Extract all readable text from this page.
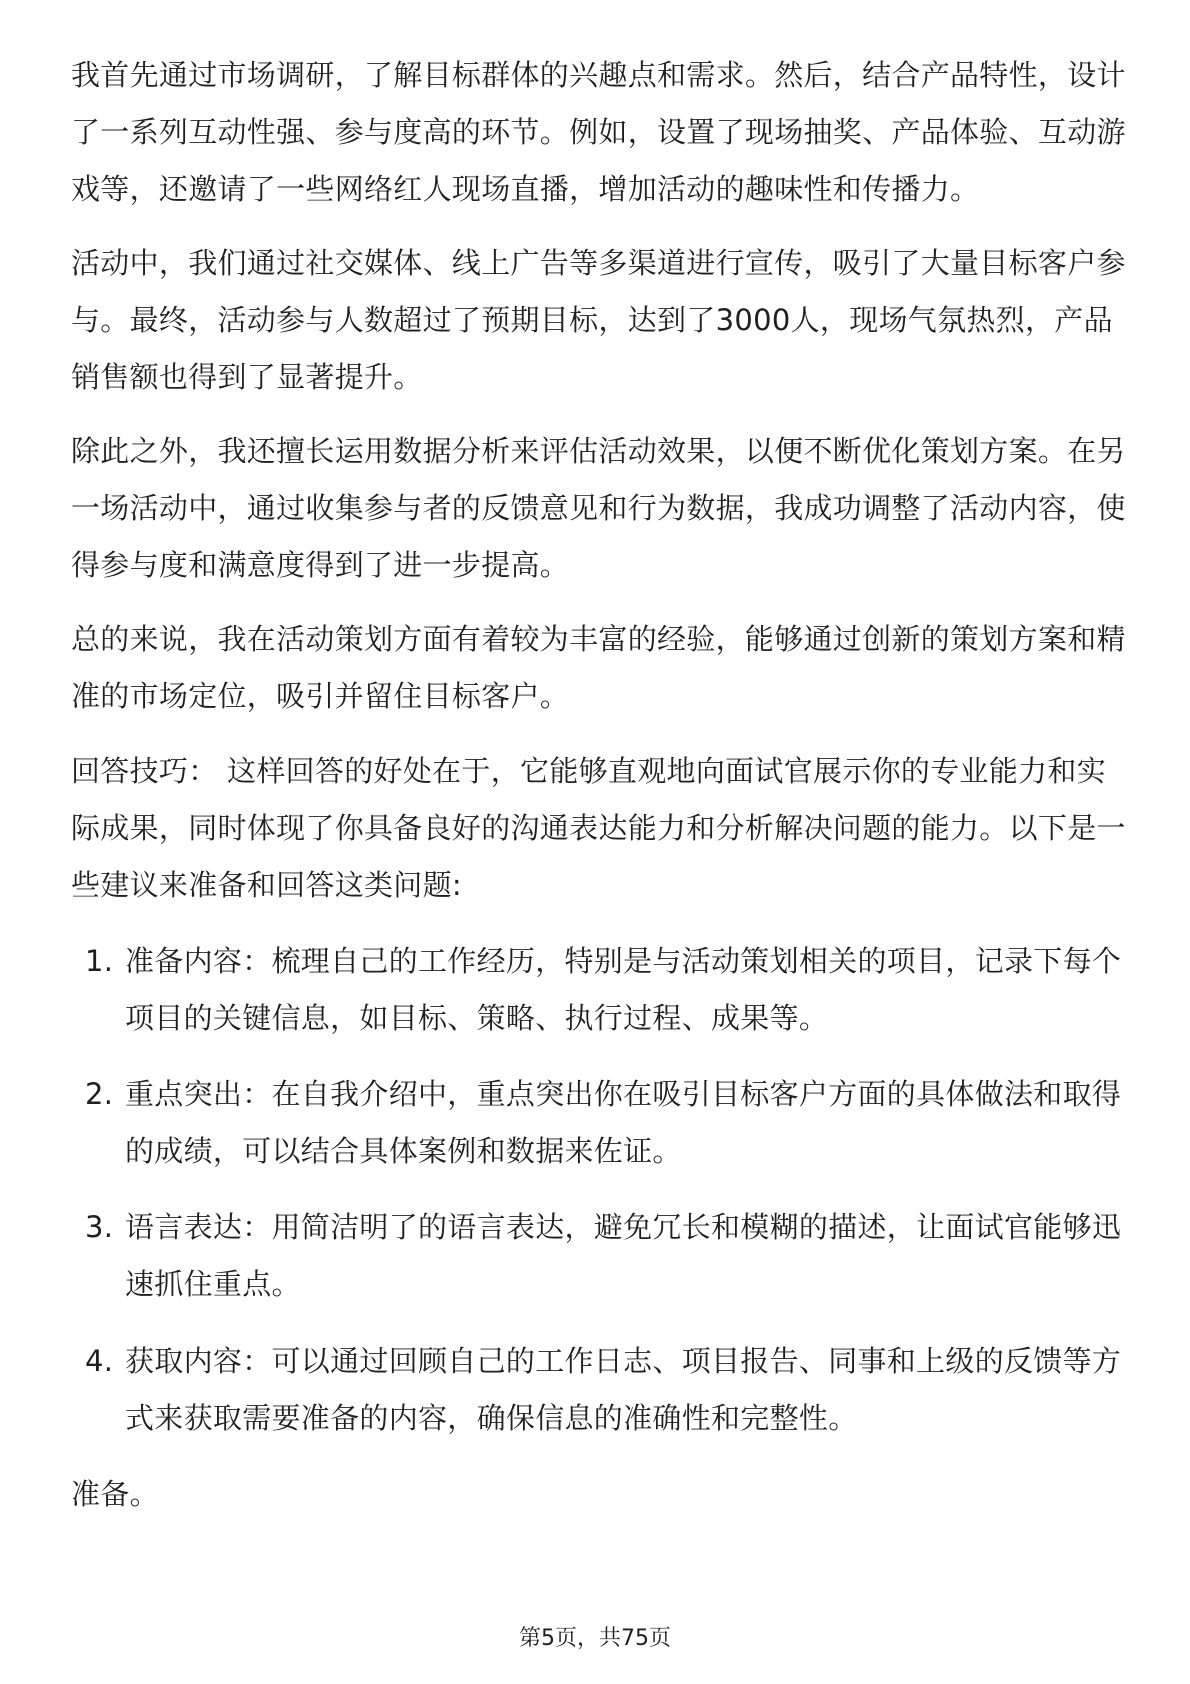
我首先通过市场调研，了解目标群体的兴趣点和需求。然后，结合产品特性，设计了一系列互动性强、参与度高的环节。例如，设置了现场抽奖、产品体验、互动游戏等，还邀请了一些网络红人现场直播，增加活动的趣味性和传播力。

活动中，我们通过社交媒体、线上广告等多渠道进行宣传，吸引了大量目标客户参与。最终，活动参与人数超过了预期目标，达到了3000人，现场气氛热烈，产品销售额也得到了显著提升。

除此之外，我还擅长运用数据分析来评估活动效果，以便不断优化策划方案。在另一场活动中，通过收集参与者的反馈意见和行为数据，我成功调整了活动内容，使得参与度和满意度得到了进一步提高。

总的来说，我在活动策划方面有着较为丰富的经验，能够通过创新的策划方案和精准的市场定位，吸引并留住目标客户。

回答技巧： 这样回答的好处在于，它能够直观地向面试官展示你的专业能力和实际成果，同时体现了你具备良好的沟通表达能力和分析解决问题的能力。以下是一些建议来准备和回答这类问题:

1. 准备内容：梳理自己的工作经历，特别是与活动策划相关的项目，记录下每个项目的关键信息，如目标、策略、执行过程、成果等。
2. 重点突出：在自我介绍中，重点突出你在吸引目标客户方面的具体做法和取得的成绩，可以结合具体案例和数据来佐证。
3. 语言表达：用简洁明了的语言表达，避免冗长和模糊的描述，让面试官能够迅速抓住重点。
4. 获取内容：可以通过回顾自己的工作日志、项目报告、同事和上级的反馈等方式来获取需要准备的内容，确保信息的准确性和完整性。

准备。

第5页，共75页
